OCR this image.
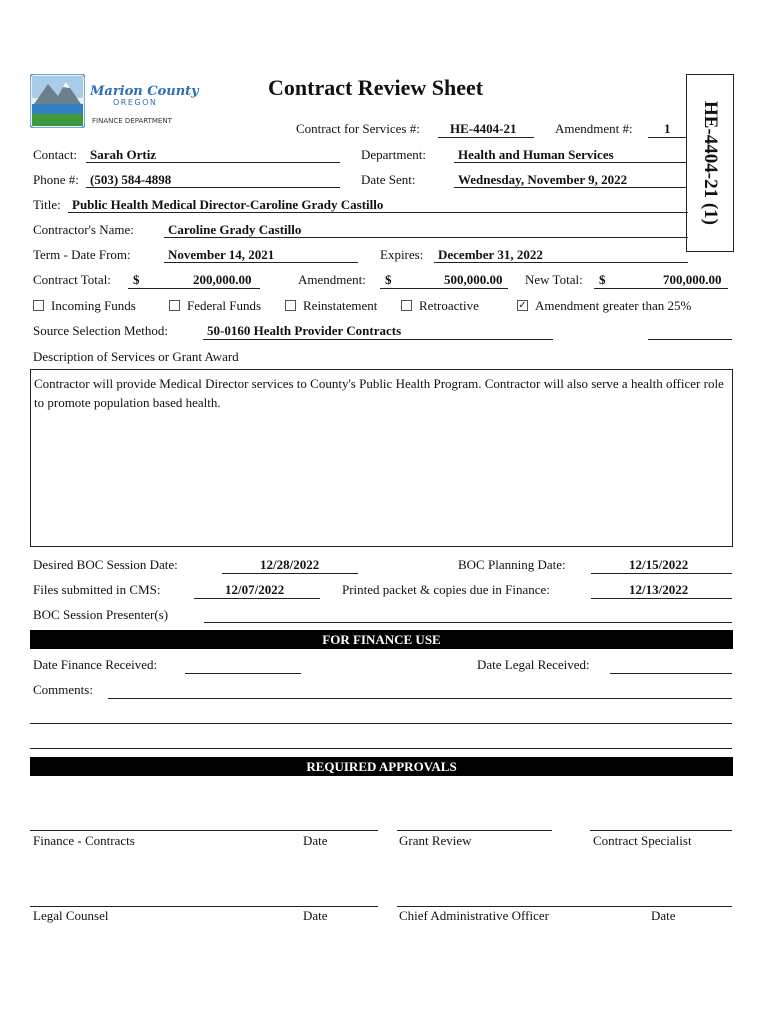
Marion County
OREGON
FINANCE DEPARTMENT
Contract Review Sheet
HE-4404-21 (1)
Contract for Services #: HE-4404-21	Amendment #: 1
Contact: Sarah Ortiz	Department: Health and Human Services
Phone #: (503) 584-4898	Date Sent:	Wednesday, November 9, 2022
Title: Public Health Medical Director-Caroline Grady Castillo
Contractor's Name:	Caroline Grady Castillo
Term - Date From:	November 14, 2021	Expires: December 31, 2022
Contract Total: $	200,000.00	Amendment: $	500,000.00 New Total: $	700,000.00
Incoming Funds	Federal Funds	Reinstatement	Retroactive	✓ Amendment greater than 25%
Source Selection Method:	50-0160 Health Provider Contracts
Description of Services or Grant Award
Contractor will provide Medical Director services to County's Public Health Program. Contractor will also serve a health officer role to promote population based health.
Desired BOC Session Date:	12/28/2022	BOC Planning Date:	12/15/2022
Files submitted in CMS:	12/07/2022	Printed packet & copies due in Finance:	12/13/2022
BOC Session Presenter(s)
FOR FINANCE USE
Date Finance Received:	Date Legal Received:
Comments:
REQUIRED APPROVALS
Finance - Contracts	Date	Grant Review	Contract Specialist
Legal Counsel	Date	Chief Administrative Officer	Date
